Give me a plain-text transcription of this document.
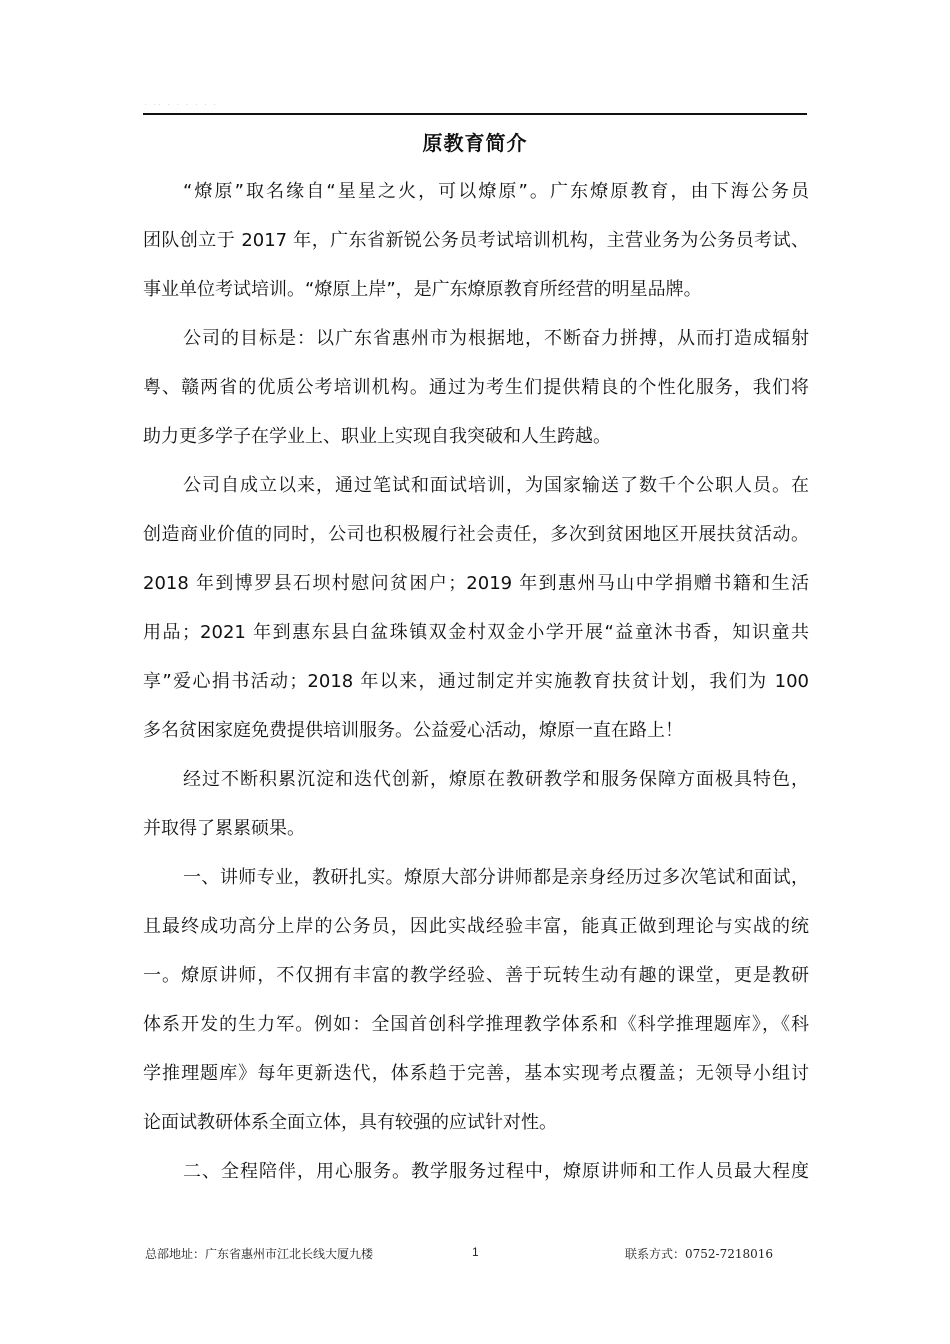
· ·· · · · · · ·
原教育简介
“燎原”取名缘自“星星之火，可以燎原”。广东燎原教育，由下海公务员
团队创立于 2017 年，广东省新锐公务员考试培训机构，主营业务为公务员考试、
事业单位考试培训。“燎原上岸”，是广东燎原教育所经营的明星品牌。
公司的目标是：以广东省惠州市为根据地，不断奋力拼搏，从而打造成辐射
粤、赣两省的优质公考培训机构。通过为考生们提供精良的个性化服务，我们将
助力更多学子在学业上、职业上实现自我突破和人生跨越。
公司自成立以来，通过笔试和面试培训，为国家输送了数千个公职人员。在
创造商业价值的同时，公司也积极履行社会责任，多次到贫困地区开展扶贫活动。
2018 年到博罗县石坝村慰问贫困户；2019 年到惠州马山中学捐赠书籍和生活
用品；2021 年到惠东县白盆珠镇双金村双金小学开展“益童沐书香，知识童共
享”爱心捐书活动；2018 年以来，通过制定并实施教育扶贫计划，我们为 100
多名贫困家庭免费提供培训服务。公益爱心活动，燎原一直在路上！
经过不断积累沉淀和迭代创新，燎原在教研教学和服务保障方面极具特色，
并取得了累累硕果。
一、讲师专业，教研扎实。燎原大部分讲师都是亲身经历过多次笔试和面试，
且最终成功高分上岸的公务员，因此实战经验丰富，能真正做到理论与实战的统
一。燎原讲师，不仅拥有丰富的教学经验、善于玩转生动有趣的课堂，更是教研
体系开发的生力军。例如：全国首创科学推理教学体系和《科学推理题库》，《科
学推理题库》每年更新迭代，体系趋于完善，基本实现考点覆盖；无领导小组讨
论面试教研体系全面立体，具有较强的应试针对性。
二、全程陪伴，用心服务。教学服务过程中，燎原讲师和工作人员最大程度
总部地址：广东省惠州市江北长线大厦九楼	1	联系方式：0752-7218016
